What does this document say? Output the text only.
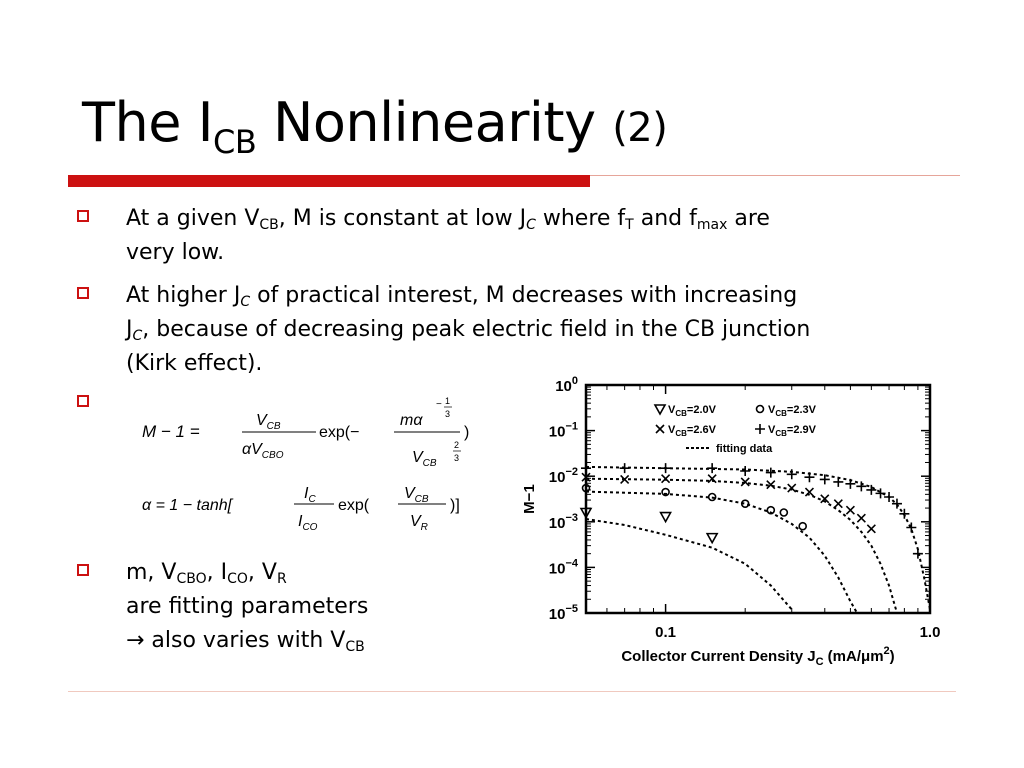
The $I_{CB}$ Nonlinearity (2)
At a given $V_{CB}$, M is constant at low $J_C$ where $f_T$ and $f_{max}$ are
very low.
At higher $J_C$ of practical interest, M decreases with increasing
$J_C$, because of decreasing peak electric field in the CB junction
(Kirk effect).
M − 1 =
$V_{CB}$
$\alpha V_{CBO}$
exp(−
mα
− 1
3
$V_{CB}$
2
3
)
α = 1 − tanh[
$I_C$
$I_{CO}$
exp(
$V_{CB}$
$V_R$
)]
m, $V_{CBO}$, $I_{CO}$, $V_R$
are fitting parameters
→ also varies with $V_{CB}$
$10^0$
$10^{-1}$
$10^{-2}$
$10^{-3}$
$10^{-4}$
$10^{-5}$
0.1	1.0
Collector Current Density $J_C$ $(mA/\mu m^2)$
M−1
$V_{CB}=2.0V$	$V_{CB}=2.3V$
$V_{CB}=2.6V$	$V_{CB}=2.9V$
fitting data
